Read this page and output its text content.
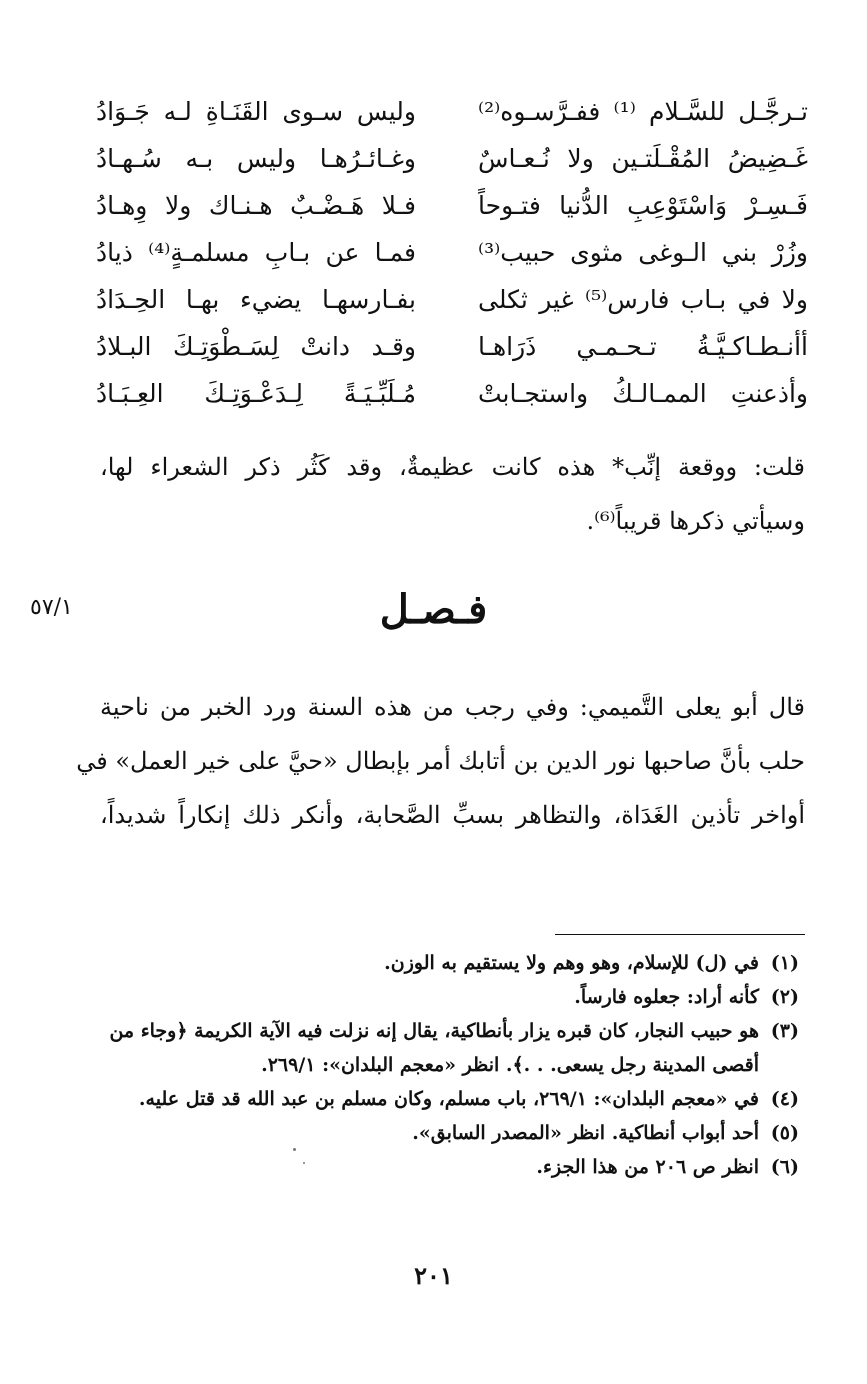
تـرجَّـل للسَّـلام ⁽¹⁾ ففـرَّسـوه⁽²⁾
وليس سـوى القَنَـاةِ لـه جَـوَادُ
غَـضِيضُ المُقْـلَتـين ولا نُـعـاسٌ
وغـائـرُهـا وليس بـه سُـهـادُ
فَـسِـرْ وَاسْتَوْعِبِ الدُّنيا فتـوحاً
فـلا هَـضْـبٌ هـنـاك ولا وِهـادُ
وزُرْ بني الـوغى مثوى حبيب⁽³⁾
فمـا عن بـابِ مسلمـةٍ⁽⁴⁾ ذيادُ
ولا في بـاب فارس⁽⁵⁾ غير ثكلى
بفـارسهـا يضيء بهـا الحِـدَادُ
أأنـطـاكـيَّـةُ تـحـمـي ذَرَاهـا
وقـد دانتْ لِسَـطْوَتِـكَ البـلادُ
وأذعنتِ الممـالـكُ واستجـابتْ
مُـلَبِّـيَـةً لِـدَعْـوَتِـكَ العِـبَـادُ
قلت: ووقعة إنِّب* هذه كانت عظيمةٌ، وقد كَثُر ذكر الشعراء لها،
وسيأتي ذكرها قريباً⁽⁶⁾.
فـصـل
٥٧/١
قال أبو يعلى التَّميمي: وفي رجب من هذه السنة ورد الخبر من ناحية
حلب بأنَّ صاحبها نور الدين بن أتابك أمر بإبطال «حيَّ على خير العمل» في
أواخر تأذين الغَدَاة، والتظاهر بسبِّ الصَّحابة، وأنكر ذلك إنكاراً شديداً،
(١)
في (ل) للإسلام، وهو وهم ولا يستقيم به الوزن.
(٢)
كأنه أراد: جعلوه فارساً.
(٣)
هو حبيب النجار، كان قبره يزار بأنطاكية، يقال إنه نزلت فيه الآية الكريمة ﴿وجاء من
أقصى المدينة رجل يسعى. . .﴾. انظر «معجم البلدان»: ٢٦٩/١.
(٤)
في «معجم البلدان»: ٢٦٩/١، باب مسلم، وكان مسلم بن عبد الله قد قتل عليه.
(٥)
أحد أبواب أنطاكية. انظر «المصدر السابق».
(٦)
انظر ص ٢٠٦ من هذا الجزء.
٢٠١
